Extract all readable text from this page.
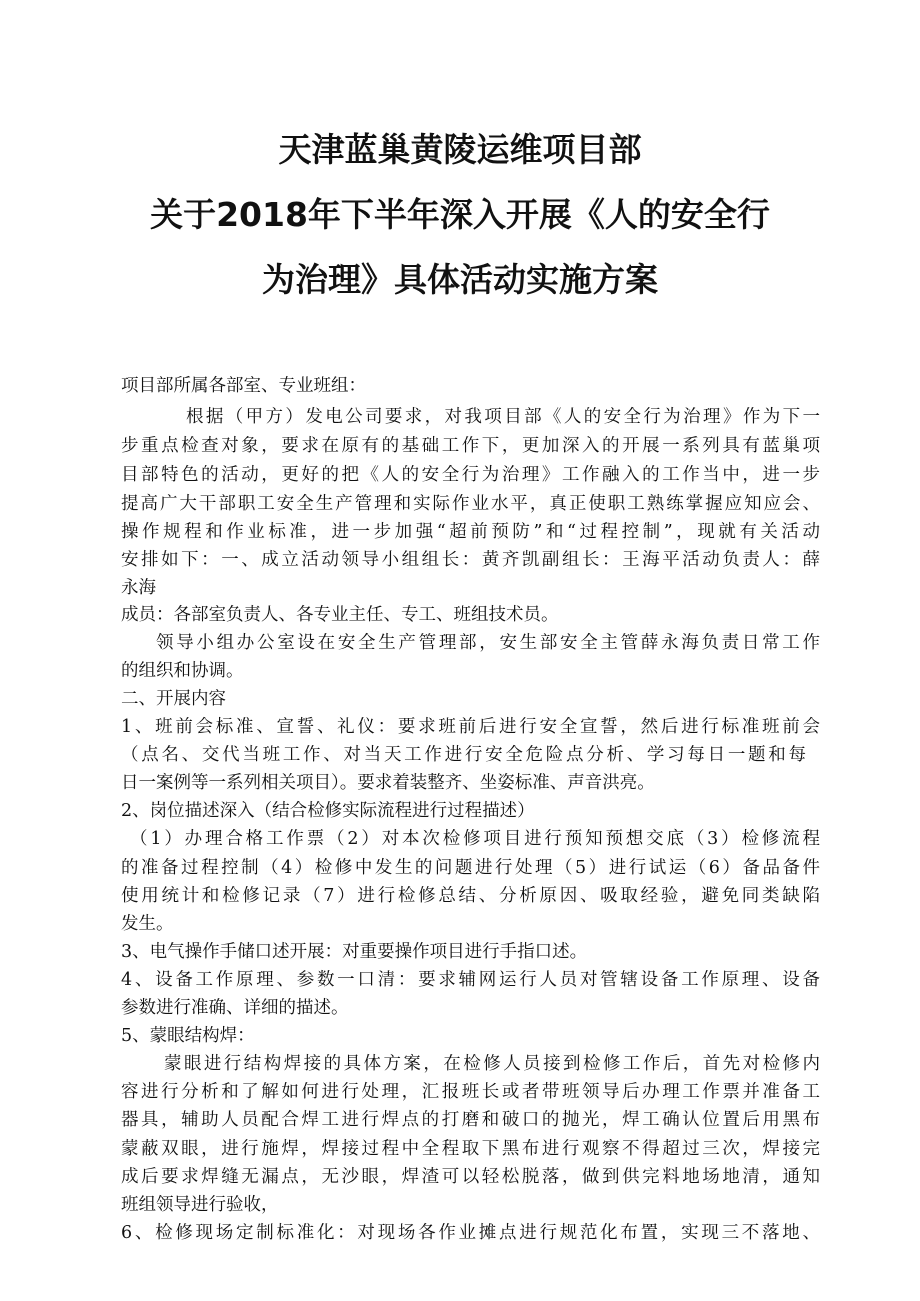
天津蓝巢黄陵运维项目部
关于2018年下半年深入开展《人的安全行
为治理》具体活动实施方案
项目部所属各部室、专业班组：
根据（甲方）发电公司要求，对我项目部《人的安全行为治理》作为下一
步重点检查对象，要求在原有的基础工作下，更加深入的开展一系列具有蓝巢项
目部特色的活动，更好的把《人的安全行为治理》工作融入的工作当中，进一步
提高广大干部职工安全生产管理和实际作业水平，真正使职工熟练掌握应知应会、
操作规程和作业标准，进一步加强“超前预防”和“过程控制”，现就有关活动
安排如下：一、成立活动领导小组组长：黄齐凯副组长：王海平活动负责人：薛
永海
成员：各部室负责人、各专业主任、专工、班组技术员。
领导小组办公室设在安全生产管理部，安生部安全主管薛永海负责日常工作
的组织和协调。
二、开展内容
1、班前会标准、宣誓、礼仪：要求班前后进行安全宣誓，然后进行标准班前会
（点名、交代当班工作、对当天工作进行安全危险点分析、学习每日一题和每
日一案例等一系列相关项目）。要求着装整齐、坐姿标准、声音洪亮。
2、岗位描述深入（结合检修实际流程进行过程描述）
（1）办理合格工作票（2）对本次检修项目进行预知预想交底（3）检修流程
的准备过程控制（4）检修中发生的问题进行处理（5）进行试运（6）备品备件
使用统计和检修记录（7）进行检修总结、分析原因、吸取经验，避免同类缺陷
发生。
3、电气操作手储口述开展：对重要操作项目进行手指口述。
4、设备工作原理、参数一口清：要求辅网运行人员对管辖设备工作原理、设备
参数进行准确、详细的描述。
5、蒙眼结构焊：
蒙眼进行结构焊接的具体方案，在检修人员接到检修工作后，首先对检修内
容进行分析和了解如何进行处理，汇报班长或者带班领导后办理工作票并准备工
器具，辅助人员配合焊工进行焊点的打磨和破口的抛光，焊工确认位置后用黑布
蒙蔽双眼，进行施焊，焊接过程中全程取下黑布进行观察不得超过三次，焊接完
成后要求焊缝无漏点，无沙眼，焊渣可以轻松脱落，做到供完料地场地清，通知
班组领导进行验收，
6、检修现场定制标准化：对现场各作业摊点进行规范化布置，实现三不落地、
